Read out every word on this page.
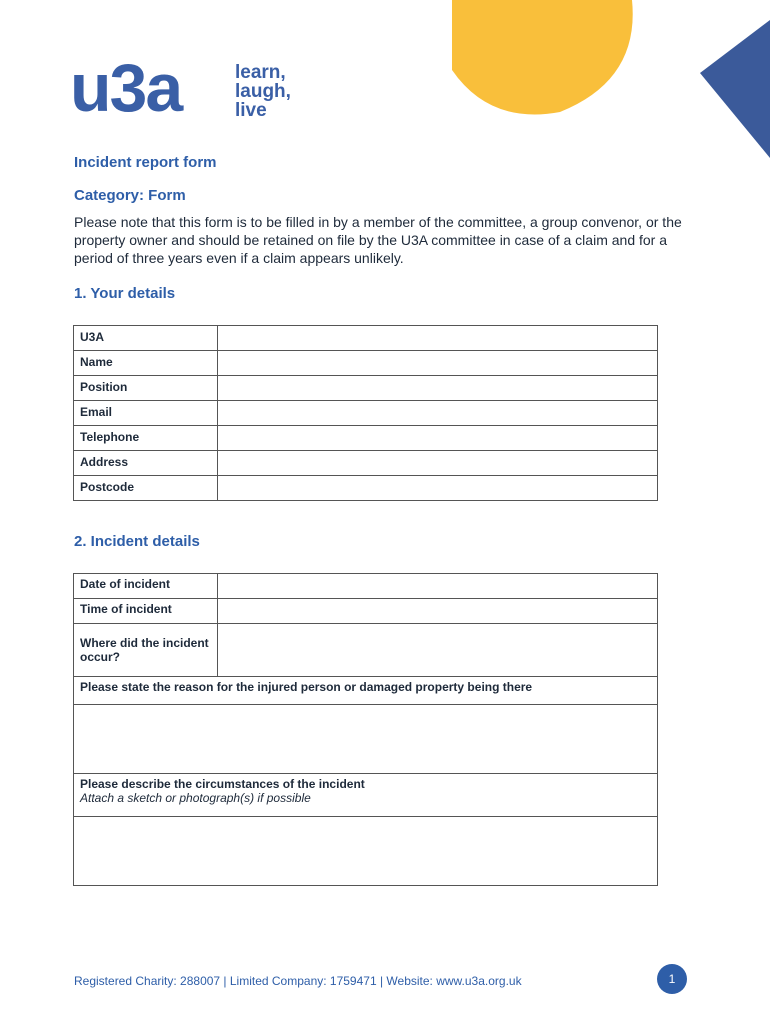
u3a	learn,
laugh,
live
Incident report form
Category: Form
Please note that this form is to be filled in by a member of the committee, a group convenor, or the property owner and should be retained on file by the U3A committee in case of a claim and for a period of three years even if a claim appears unlikely.
1. Your details
U3A	
Name	
Position	
Email	
Telephone	
Address	
Postcode	
2. Incident details
Date of incident	
Time of incident	
Where did the incident occur?	
Please state the reason for the injured person or damaged property being there	

Please describe the circumstances of the incident
Attach a sketch or photograph(s) if possible	

Registered Charity: 288007 | Limited Company: 1759471 | Website: www.u3a.org.uk	1
